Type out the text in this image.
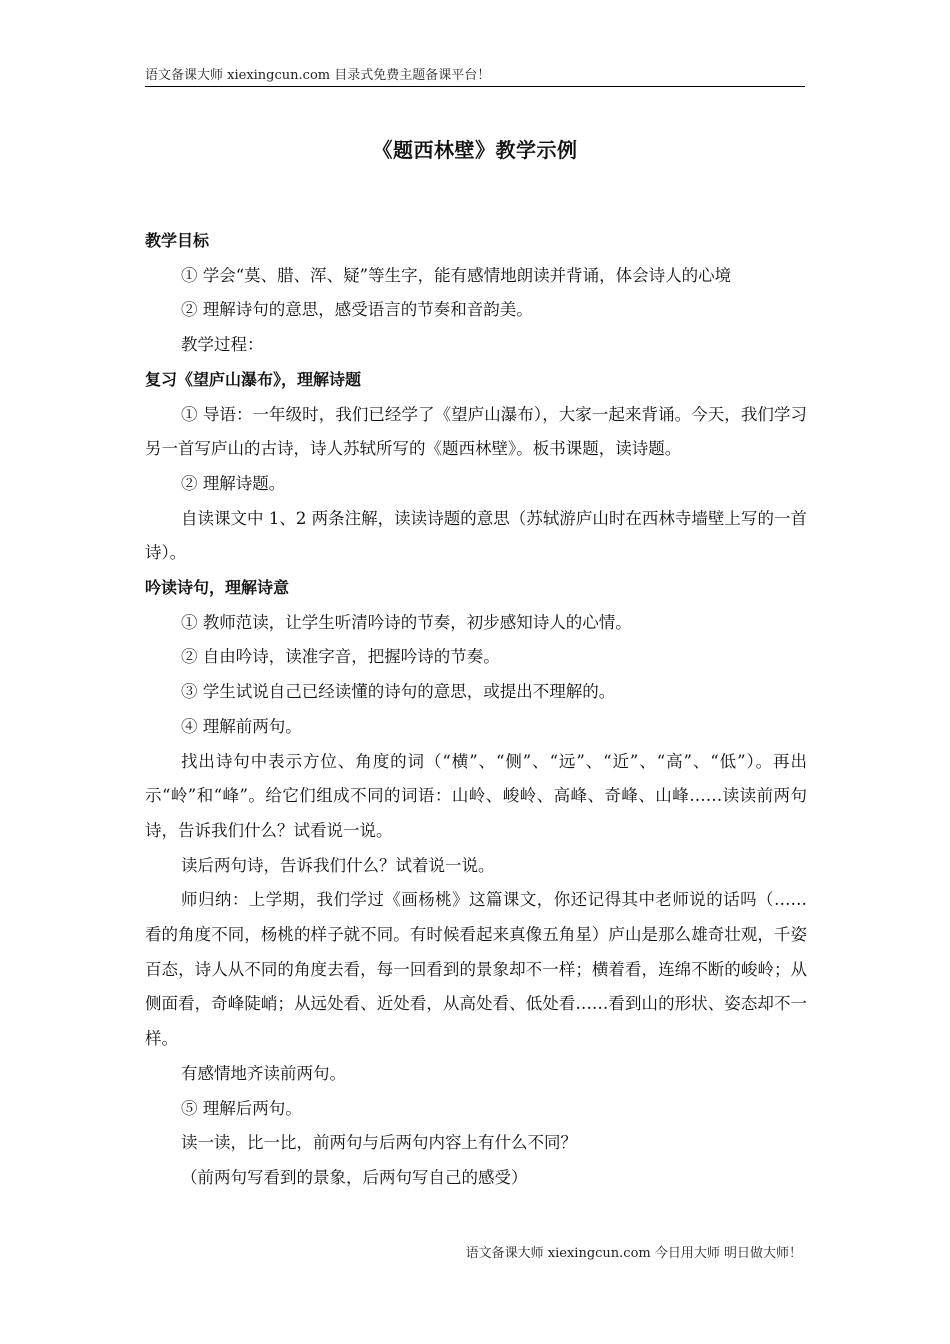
语文备课大师 xiexingcun.com 目录式免费主题备课平台！
《题西林壁》教学示例

教学目标

① 学会“莫、腊、浑、疑”等生字，能有感情地朗读并背诵，体会诗人的心境

② 理解诗句的意思，感受语言的节奏和音韵美。

教学过程：

复习《望庐山瀑布》，理解诗题

① 导语：一年级时，我们已经学了《望庐山瀑布），大家一起来背诵。今天，我们学习另一首写庐山的古诗，诗人苏轼所写的《题西林壁》。板书课题，读诗题。

② 理解诗题。

自读课文中 1、2 两条注解，读读诗题的意思（苏轼游庐山时在西林寺墙壁上写的一首诗）。

吟读诗句，理解诗意

① 教师范读，让学生听清吟诗的节奏，初步感知诗人的心情。

② 自由吟诗，读准字音，把握吟诗的节奏。

③ 学生试说自己已经读懂的诗句的意思，或提出不理解的。

④ 理解前两句。

找出诗句中表示方位、角度的词（“横”、“侧”、“远”、“近”、“高”、“低”）。再出示“岭”和“峰”。给它们组成不同的词语：山岭、峻岭、高峰、奇峰、山峰……读读前两句诗，告诉我们什么？试看说一说。

读后两句诗，告诉我们什么？试着说一说。

师归纳：上学期，我们学过《画杨桃》这篇课文，你还记得其中老师说的话吗（……看的角度不同，杨桃的样子就不同。有时候看起来真像五角星）庐山是那么雄奇壮观，千姿百态，诗人从不同的角度去看，每一回看到的景象却不一样；横着看，连绵不断的峻岭；从侧面看，奇峰陡峭；从远处看、近处看，从高处看、低处看……看到山的形状、姿态却不一样。

有感情地齐读前两句。

⑤ 理解后两句。

读一读，比一比，前两句与后两句内容上有什么不同？

（前两句写看到的景象，后两句写自己的感受）

语文备课大师 xiexingcun.com 今日用大师 明日做大师！
